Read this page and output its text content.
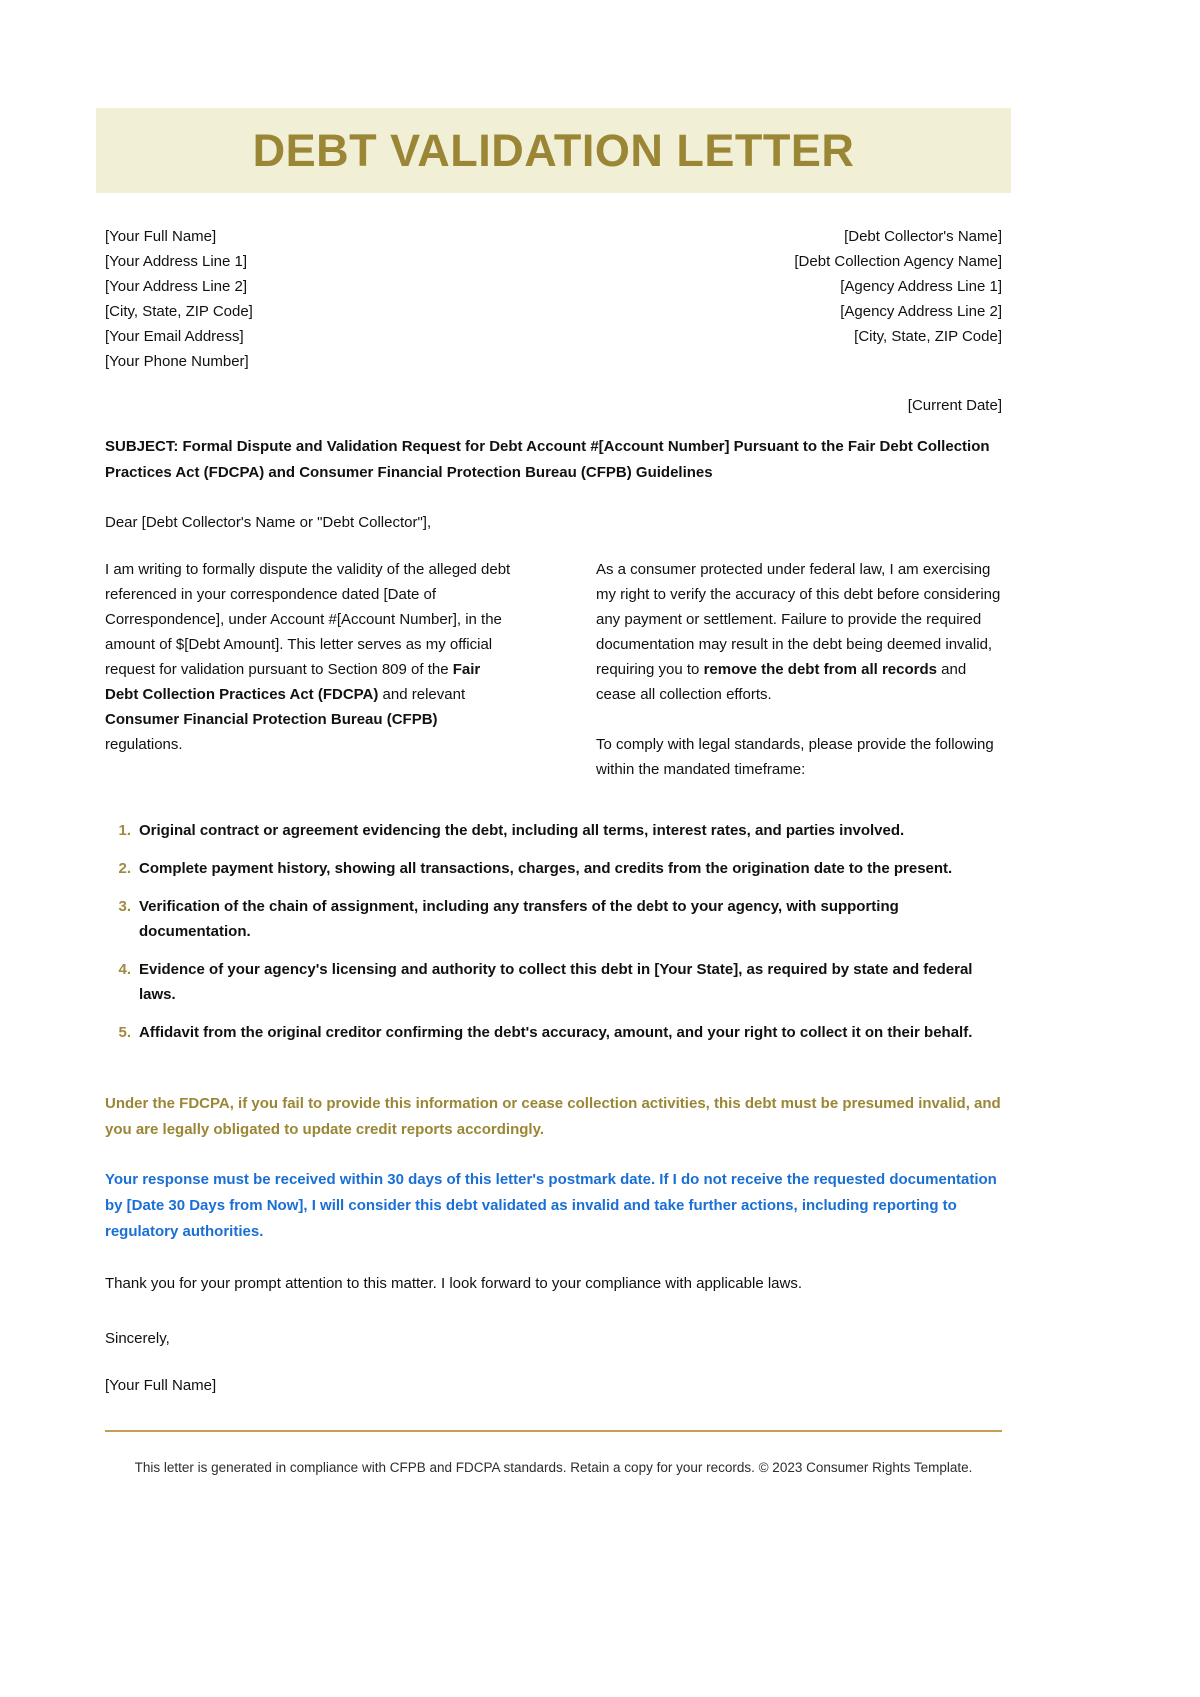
DEBT VALIDATION LETTER
[Your Full Name]
[Your Address Line 1]
[Your Address Line 2]
[City, State, ZIP Code]
[Your Email Address]
[Your Phone Number]
[Debt Collector's Name]
[Debt Collection Agency Name]
[Agency Address Line 1]
[Agency Address Line 2]
[City, State, ZIP Code]
[Current Date]
SUBJECT: Formal Dispute and Validation Request for Debt Account #[Account Number] Pursuant to the Fair Debt Collection Practices Act (FDCPA) and Consumer Financial Protection Bureau (CFPB) Guidelines
Dear [Debt Collector's Name or "Debt Collector"],

I am writing to formally dispute the validity of the alleged debt referenced in your correspondence dated [Date of Correspondence], under Account #[Account Number], in the amount of $[Debt Amount]. This letter serves as my official request for validation pursuant to Section 809 of the Fair Debt Collection Practices Act (FDCPA) and relevant Consumer Financial Protection Bureau (CFPB) regulations.

As a consumer protected under federal law, I am exercising my right to verify the accuracy of this debt before considering any payment or settlement. Failure to provide the required documentation may result in the debt being deemed invalid, requiring you to remove the debt from all records and cease all collection efforts.

To comply with legal standards, please provide the following within the mandated timeframe:

1. Original contract or agreement evidencing the debt, including all terms, interest rates, and parties involved.
2. Complete payment history, showing all transactions, charges, and credits from the origination date to the present.
3. Verification of the chain of assignment, including any transfers of the debt to your agency, with supporting documentation.
4. Evidence of your agency's licensing and authority to collect this debt in [Your State], as required by state and federal laws.
5. Affidavit from the original creditor confirming the debt's accuracy, amount, and your right to collect it on their behalf.
Under the FDCPA, if you fail to provide this information or cease collection activities, this debt must be presumed invalid, and you are legally obligated to update credit reports accordingly.
Your response must be received within 30 days of this letter's postmark date. If I do not receive the requested documentation by [Date 30 Days from Now], I will consider this debt validated as invalid and take further actions, including reporting to regulatory authorities.
Thank you for your prompt attention to this matter. I look forward to your compliance with applicable laws.
Sincerely,
[Your Full Name]
This letter is generated in compliance with CFPB and FDCPA standards. Retain a copy for your records. © 2023 Consumer Rights Template.
